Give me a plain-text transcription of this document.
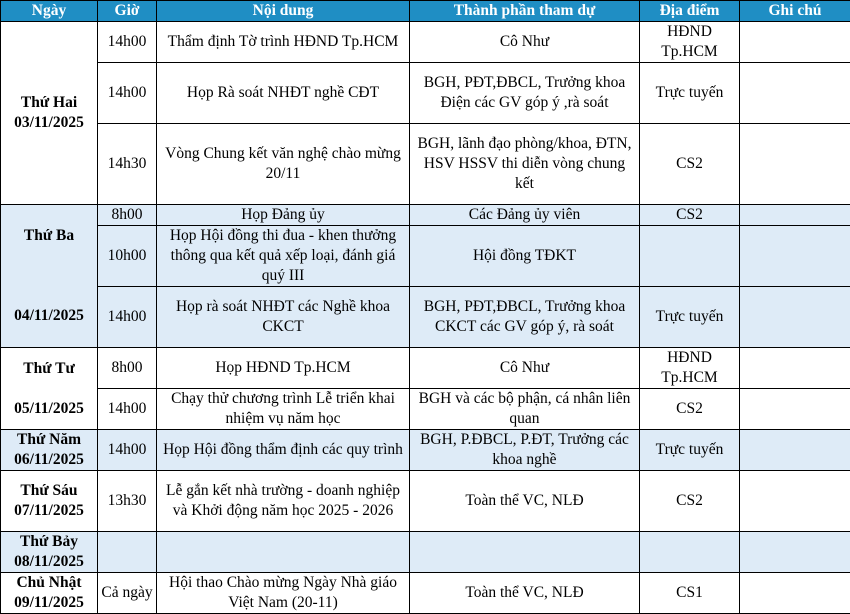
Ngày	Giờ	Nội dung	Thành phần tham dự	Địa điểm	Ghi chú

Thứ Hai
03/11/2025	14h00	Thẩm định Tờ trình HĐND Tp.HCM	Cô Như	HĐND Tp.HCM	
	14h00	Họp Rà soát NHĐT nghề CĐT	BGH, PĐT,ĐBCL, Trưởng khoa Điện các GV góp ý ,rà soát	Trực tuyến	
	14h30	Vòng Chung kết văn nghệ chào mừng 20/11	BGH, lãnh đạo phòng/khoa, ĐTN, HSV HSSV thi diễn vòng chung kết	CS2	

Thứ Ba
04/11/2025	8h00	Họp Đảng ủy	Các Đảng ủy viên	CS2	
	10h00	Họp Hội đồng thi đua - khen thưởng thông qua kết quả xếp loại, đánh giá quý III	Hội đồng TĐKT		
	14h00	Họp rà soát NHĐT các Nghề khoa CKCT	BGH, PĐT,ĐBCL, Trưởng khoa CKCT các GV góp ý, rà soát	Trực tuyến	

Thứ Tư
05/11/2025	8h00	Họp HĐND Tp.HCM	Cô Như	HĐND Tp.HCM	
	14h00	Chạy thử chương trình Lễ triển khai nhiệm vụ năm học	BGH và các bộ phận, cá nhân liên quan	CS2	

Thứ Năm
06/11/2025	14h00	Họp Hội đồng thẩm định các quy trình	BGH, P.ĐBCL, P.ĐT, Trưởng các khoa nghề	Trực tuyến	

Thứ Sáu
07/11/2025	13h30	Lễ gắn kết nhà trường - doanh nghiệp và Khởi động năm học 2025 - 2026	Toàn thể VC, NLĐ	CS2	

Thứ Bảy
08/11/2025					

Chủ Nhật
09/11/2025	Cả ngày	Hội thao Chào mừng Ngày Nhà giáo Việt Nam (20-11)	Toàn thể VC, NLĐ	CS1	
